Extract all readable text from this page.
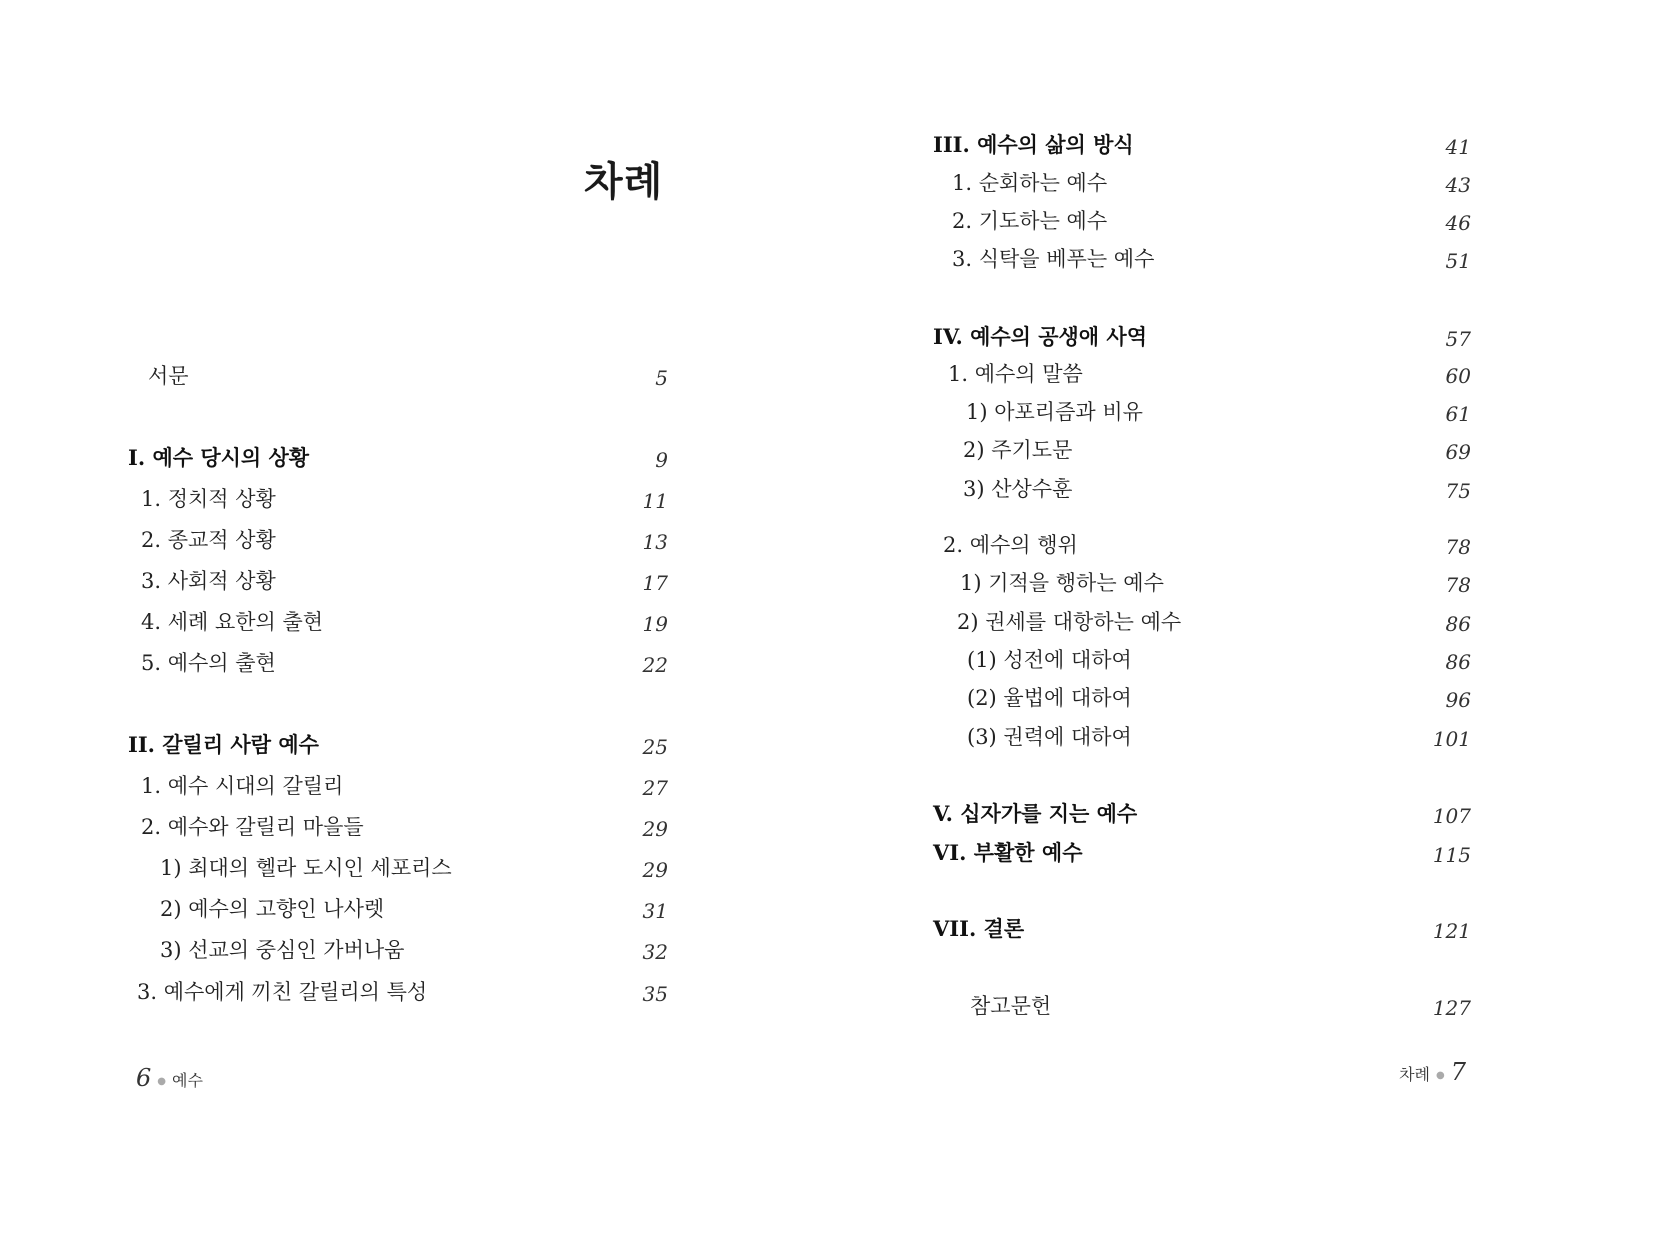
차례
서문	5
I. 예수 당시의 상황	9
1. 정치적 상황	11
2. 종교적 상황	13
3. 사회적 상황	17
4. 세례 요한의 출현	19
5. 예수의 출현	22
II. 갈릴리 사람 예수	25
1. 예수 시대의 갈릴리	27
2. 예수와 갈릴리 마을들	29
1) 최대의 헬라 도시인 세포리스	29
2) 예수의 고향인 나사렛	31
3) 선교의 중심인 가버나움	32
3. 예수에게 끼친 갈릴리의 특성	35
6 ● 예수
III. 예수의 삶의 방식	41
1. 순회하는 예수	43
2. 기도하는 예수	46
3. 식탁을 베푸는 예수	51
IV. 예수의 공생애 사역	57
1. 예수의 말씀	60
1) 아포리즘과 비유	61
2) 주기도문	69
3) 산상수훈	75
2. 예수의 행위	78
1) 기적을 행하는 예수	78
2) 권세를 대항하는 예수	86
(1) 성전에 대하여	86
(2) 율법에 대하여	96
(3) 권력에 대하여	101
V. 십자가를 지는 예수	107
VI. 부활한 예수	115
VII. 결론	121
참고문헌	127
차례 ● 7
